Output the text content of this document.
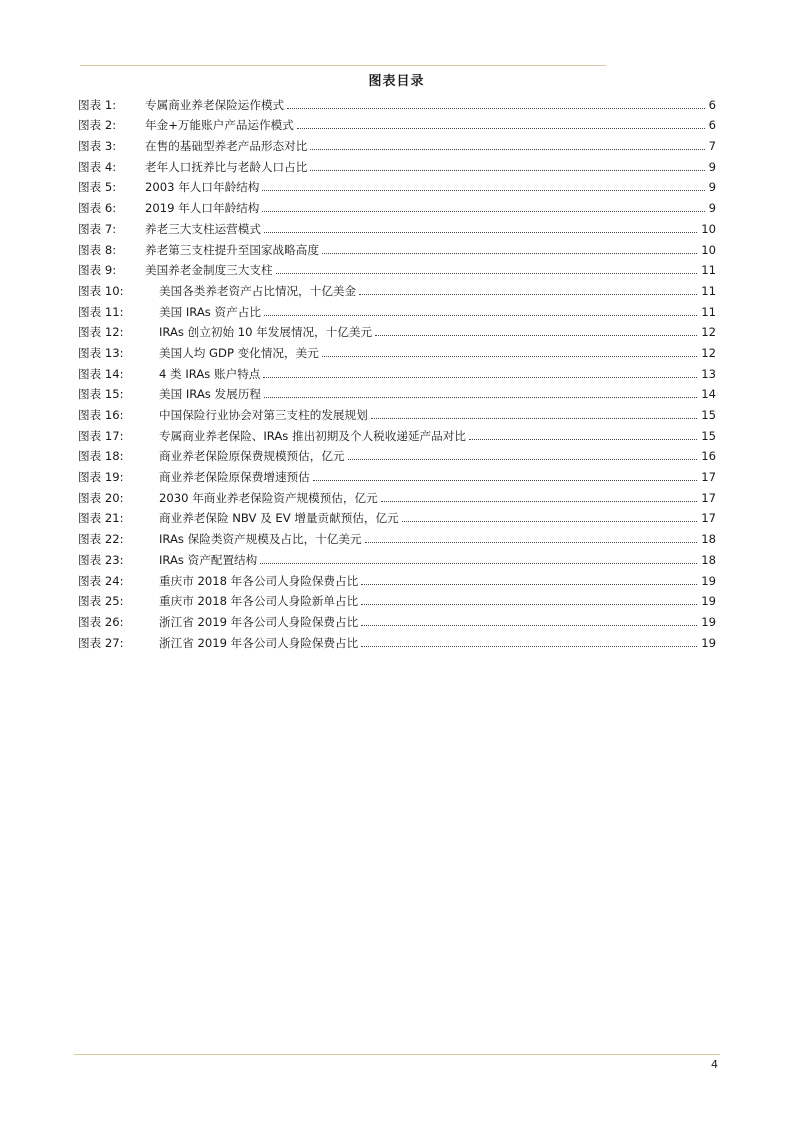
图表目录
图表 1:	专属商业养老保险运作模式	6
图表 2:	年金+万能账户产品运作模式	6
图表 3:	在售的基础型养老产品形态对比	7
图表 4:	老年人口抚养比与老龄人口占比	9
图表 5:	2003 年人口年龄结构	9
图表 6:	2019 年人口年龄结构	9
图表 7:	养老三大支柱运营模式	10
图表 8:	养老第三支柱提升至国家战略高度	10
图表 9:	美国养老金制度三大支柱	11
图表 10:	美国各类养老资产占比情况，十亿美金	11
图表 11:	美国 IRAs 资产占比	11
图表 12:	IRAs 创立初始 10 年发展情况，十亿美元	12
图表 13:	美国人均 GDP 变化情况，美元	12
图表 14:	4 类 IRAs 账户特点	13
图表 15:	美国 IRAs 发展历程	14
图表 16:	中国保险行业协会对第三支柱的发展规划	15
图表 17:	专属商业养老保险、IRAs 推出初期及个人税收递延产品对比	15
图表 18:	商业养老保险原保费规模预估，亿元	16
图表 19:	商业养老保险原保费增速预估	17
图表 20:	2030 年商业养老保险资产规模预估，亿元	17
图表 21:	商业养老保险 NBV 及 EV 增量贡献预估，亿元	17
图表 22:	IRAs 保险类资产规模及占比，十亿美元	18
图表 23:	IRAs 资产配置结构	18
图表 24:	重庆市 2018 年各公司人身险保费占比	19
图表 25:	重庆市 2018 年各公司人身险新单占比	19
图表 26:	浙江省 2019 年各公司人身险保费占比	19
图表 27:	浙江省 2019 年各公司人身险保费占比	19
4
